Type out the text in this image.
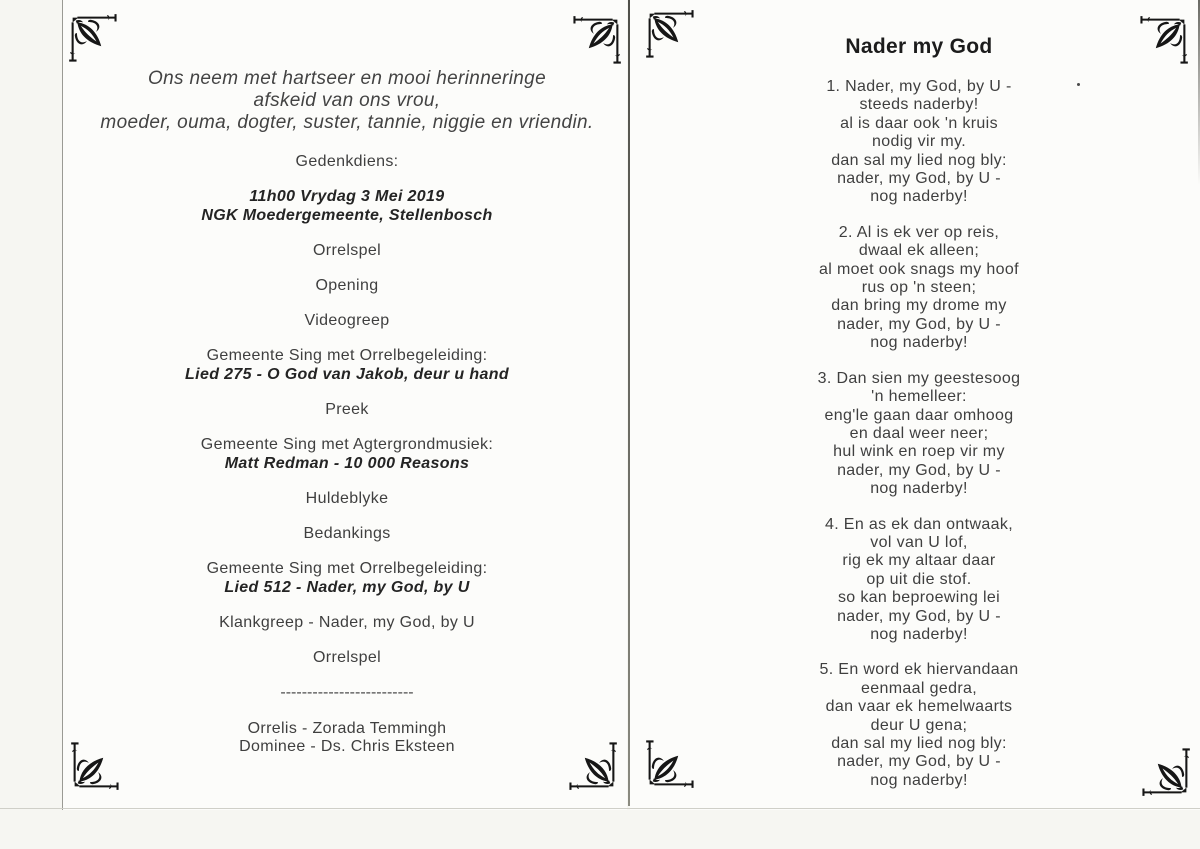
Ons neem met hartseer en mooi herinneringe
afskeid van ons vrou,
moeder, ouma, dogter, suster, tannie, niggie en vriendin.
Gedenkdiens:
11h00 Vrydag 3 Mei 2019
NGK Moedergemeente, Stellenbosch
Orrelspel
Opening
Videogreep
Gemeente Sing met Orrelbegeleiding:
Lied 275 - O God van Jakob, deur u hand
Preek
Gemeente Sing met Agtergrondmusiek:
Matt Redman - 10 000 Reasons
Huldeblyke
Bedankings
Gemeente Sing met Orrelbegeleiding:
Lied 512 - Nader, my God, by U
Klankgreep - Nader, my God, by U
Orrelspel
-------------------------
Orrelis - Zorada Temmingh
Dominee - Ds. Chris Eksteen
Nader my God
1. Nader, my God, by U -
steeds naderby!
al is daar ook 'n kruis
nodig vir my.
dan sal my lied nog bly:
nader, my God, by U -
nog naderby!
2. Al is ek ver op reis,
dwaal ek alleen;
al moet ook snags my hoof
rus op 'n steen;
dan bring my drome my
nader, my God, by U -
nog naderby!
3. Dan sien my geestesoog
'n hemelleer:
eng'le gaan daar omhoog
en daal weer neer;
hul wink en roep vir my
nader, my God, by U -
nog naderby!
4. En as ek dan ontwaak,
vol van U lof,
rig ek my altaar daar
op uit die stof.
so kan beproewing lei
nader, my God, by U -
nog naderby!
5. En word ek hiervandaan
eenmaal gedra,
dan vaar ek hemelwaarts
deur U gena;
dan sal my lied nog bly:
nader, my God, by U -
nog naderby!
